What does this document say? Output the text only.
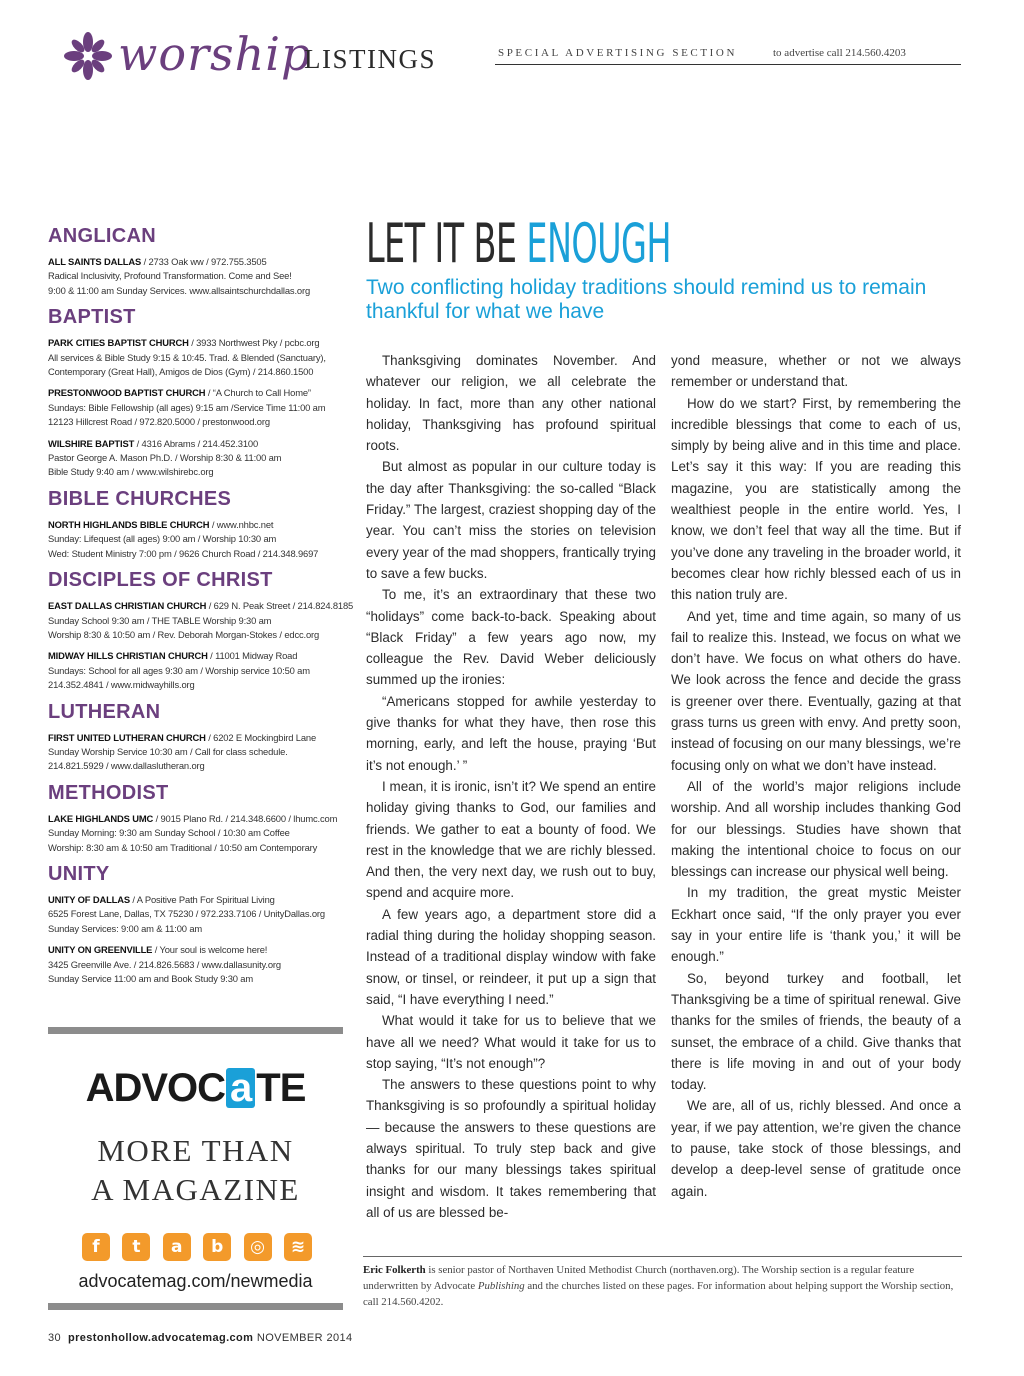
worship
LISTINGS	SPECIAL ADVERTISING SECTION	to advertise call 214.560.4203
ANGLICAN
ALL SAINTS DALLAS / 2733 Oak ww / 972.755.3505
Radical Inclusivity, Profound Transformation. Come and See!
9:00 & 11:00 am Sunday Services. www.allsaintschurchdallas.org
BAPTIST
PARK CITIES BAPTIST CHURCH / 3933 Northwest Pky / pcbc.org
All services & Bible Study 9:15 & 10:45. Trad. & Blended (Sanctuary),
Contemporary (Great Hall), Amigos de Dios (Gym) / 214.860.1500
PRESTONWOOD BAPTIST CHURCH / “A Church to Call Home”
Sundays: Bible Fellowship (all ages) 9:15 am /Service Time 11:00 am
12123 Hillcrest Road / 972.820.5000 / prestonwood.org
WILSHIRE BAPTIST / 4316 Abrams / 214.452.3100
Pastor George A. Mason Ph.D. / Worship 8:30 & 11:00 am
Bible Study 9:40 am / www.wilshirebc.org
BIBLE CHURCHES
NORTH HIGHLANDS BIBLE CHURCH / www.nhbc.net
Sunday: Lifequest (all ages) 9:00 am / Worship 10:30 am
Wed: Student Ministry 7:00 pm / 9626 Church Road / 214.348.9697
DISCIPLES OF CHRIST
EAST DALLAS CHRISTIAN CHURCH / 629 N. Peak Street / 214.824.8185
Sunday School 9:30 am / THE TABLE Worship 9:30 am
Worship 8:30 & 10:50 am / Rev. Deborah Morgan-Stokes / edcc.org
MIDWAY HILLS CHRISTIAN CHURCH / 11001 Midway Road
Sundays: School for all ages 9:30 am / Worship service 10:50 am
214.352.4841 / www.midwayhills.org
LUTHERAN
FIRST UNITED LUTHERAN CHURCH / 6202 E Mockingbird Lane
Sunday Worship Service 10:30 am / Call for class schedule.
214.821.5929 / www.dallaslutheran.org
METHODIST
LAKE HIGHLANDS UMC / 9015 Plano Rd. / 214.348.6600 / lhumc.com
Sunday Morning: 9:30 am Sunday School / 10:30 am Coffee
Worship: 8:30 am & 10:50 am Traditional / 10:50 am Contemporary
UNITY
UNITY OF DALLAS / A Positive Path For Spiritual Living
6525 Forest Lane, Dallas, TX 75230 / 972.233.7106 / UnityDallas.org
Sunday Services: 9:00 am & 11:00 am
UNITY ON GREENVILLE / Your soul is welcome here!
3425 Greenville Ave. / 214.826.5683 / www.dallasunity.org
Sunday Service 11:00 am and Book Study 9:30 am
ADVOC a TE
MORE THAN
A MAGAZINE
f	t	a	b	◎	≋
advocatemag.com/newmedia
LET IT BE ENOUGH
Two conflicting holiday traditions should remind us to remain thankful for what we have

Thanksgiving dominates November. And whatever our religion, we all celebrate the holiday. In fact, more than any other national holiday, Thanksgiving has profound spiritual roots.

But almost as popular in our culture today is the day after Thanksgiving: the so-called “Black Friday.” The largest, craziest shopping day of the year. You can’t miss the stories on television every year of the mad shoppers, frantically trying to save a few bucks.

To me, it’s an extraordinary that these two “holidays” come back-to-back. Speaking about “Black Friday” a few years ago now, my colleague the Rev. David Weber deliciously summed up the ironies:

“Americans stopped for awhile yesterday to give thanks for what they have, then rose this morning, early, and left the house, praying ‘But it’s not enough.’ ”

I mean, it is ironic, isn’t it? We spend an entire holiday giving thanks to God, our families and friends. We gather to eat a bounty of food. We rest in the knowledge that we are richly blessed. And then, the very next day, we rush out to buy, spend and acquire more.

A few years ago, a department store did a radial thing during the holiday shopping season. Instead of a traditional display window with fake snow, or tinsel, or reindeer, it put up a sign that said, “I have everything I need.”

What would it take for us to believe that we have all we need? What would it take for us to stop saying, “It’s not enough”?

The answers to these questions point to why Thanksgiving is so profoundly a spiritual holiday — because the answers to these questions are always spiritual. To truly step back and give thanks for our many blessings takes spiritual insight and wisdom. It takes remembering that all of us are blessed be-

yond measure, whether or not we always remember or understand that.

How do we start? First, by remembering the incredible blessings that come to each of us, simply by being alive and in this time and place. Let’s say it this way: If you are reading this magazine, you are statistically among the wealthiest people in the entire world. Yes, I know, we don’t feel that way all the time. But if you’ve done any traveling in the broader world, it becomes clear how richly blessed each of us in this nation truly are.

And yet, time and time again, so many of us fail to realize this. Instead, we focus on what we don’t have. We focus on what others do have. We look across the fence and decide the grass is greener over there. Eventually, gazing at that grass turns us green with envy. And pretty soon, instead of focusing on our many blessings, we’re focusing only on what we don’t have instead.

All of the world’s major religions include worship. And all worship includes thanking God for our blessings. Studies have shown that making the intentional choice to focus on our blessings can increase our physical well being.

In my tradition, the great mystic Meister Eckhart once said, “If the only prayer you ever say in your entire life is ‘thank you,’ it will be enough.”

So, beyond turkey and football, let Thanksgiving be a time of spiritual renewal. Give thanks for the smiles of friends, the beauty of a sunset, the embrace of a child. Give thanks that there is life moving in and out of your body today.

We are, all of us, richly blessed. And once a year, if we pay attention, we’re given the chance to pause, take stock of those blessings, and develop a deep-level sense of gratitude once again.

Eric Folkerth is senior pastor of Northaven United Methodist Church (northaven.org). The Worship section is a regular feature underwritten by Advocate Publishing and the churches listed on these pages. For information about helping support the Worship section, call 214.560.4202.
30 prestonhollow.advocatemag.com NOVEMBER 2014
